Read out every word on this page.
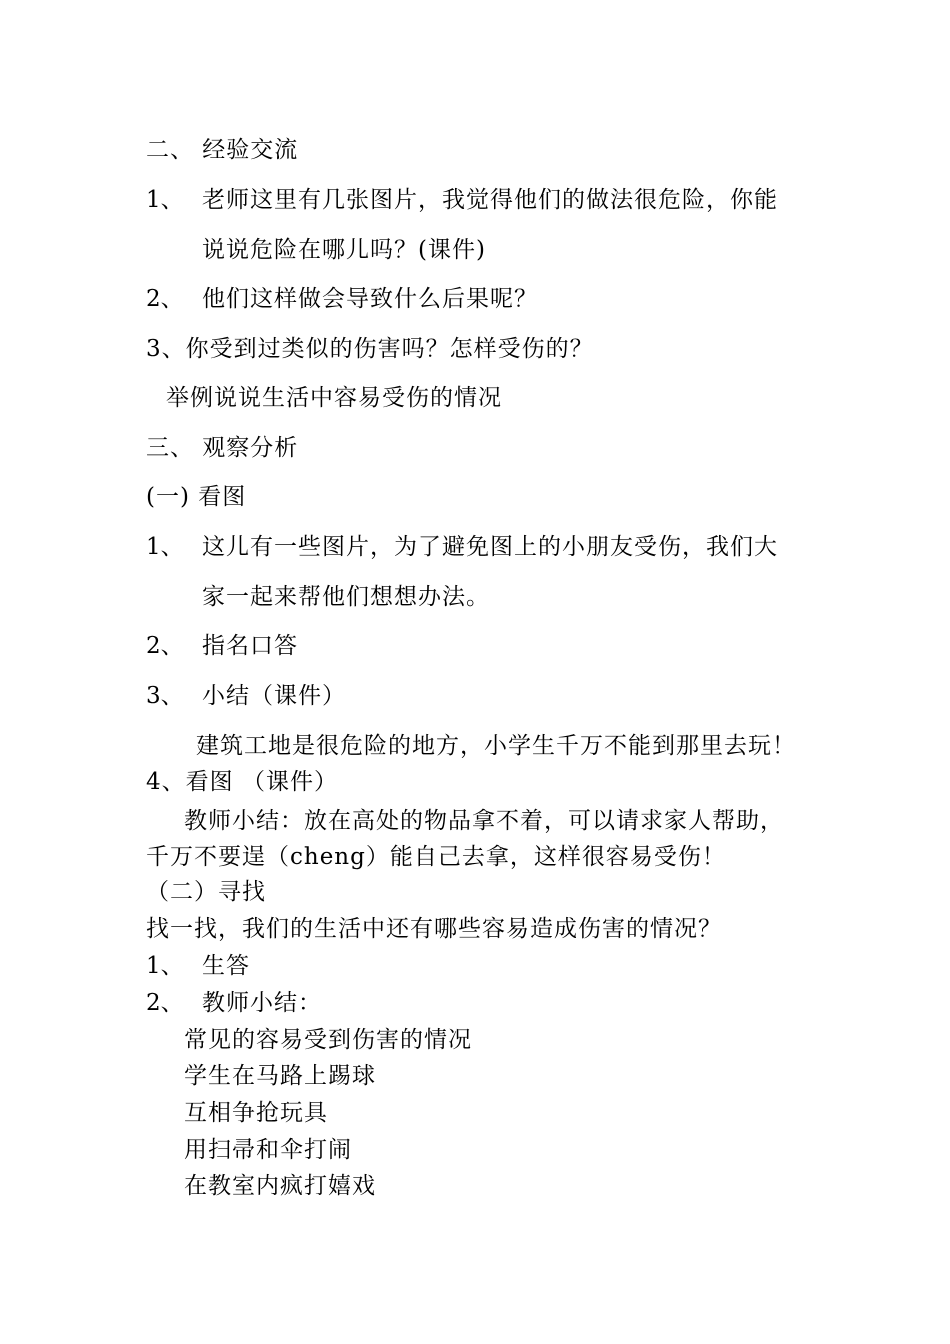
二、 经验交流
1、 老师这里有几张图片，我觉得他们的做法很危险，你能
说说危险在哪儿吗？(课件)
2、 他们这样做会导致什么后果呢？
3、你受到过类似的伤害吗？怎样受伤的？
举例说说生活中容易受伤的情况
三、 观察分析
(一) 看图
1、 这儿有一些图片，为了避免图上的小朋友受伤，我们大
家一起来帮他们想想办法。
2、 指名口答
3、 小结（课件）
建筑工地是很危险的地方，小学生千万不能到那里去玩！
4、看图 （课件）
教师小结：放在高处的物品拿不着，可以请求家人帮助，
千万不要逞（cheng）能自己去拿，这样很容易受伤！
（二）寻找
找一找，我们的生活中还有哪些容易造成伤害的情况？
1、 生答
2、 教师小结：
常见的容易受到伤害的情况
学生在马路上踢球
互相争抢玩具
用扫帚和伞打闹
在教室内疯打嬉戏
